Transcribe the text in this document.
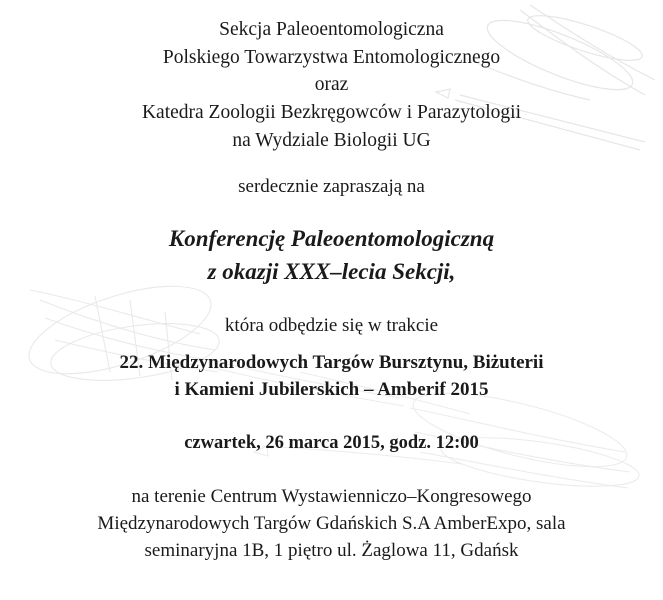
Sekcja Paleoentomologiczna

Polskiego Towarzystwa Entomologicznego

oraz

Katedra Zoologii Bezkręgowców i Parazytologii

na Wydziale Biologii UG

serdecznie zapraszają na

Konferencję Paleoentomologiczną

z okazji XXX–lecia Sekcji,

która odbędzie się w trakcie

22. Międzynarodowych Targów Bursztynu, Biżuterii

i Kamieni Jubilerskich – Amberif 2015

czwartek, 26 marca 2015, godz. 12:00

na terenie Centrum Wystawienniczo–Kongresowego

Międzynarodowych Targów Gdańskich S.A AmberExpo, sala

seminaryjna 1B, 1 piętro ul. Żaglowa 11, Gdańsk
